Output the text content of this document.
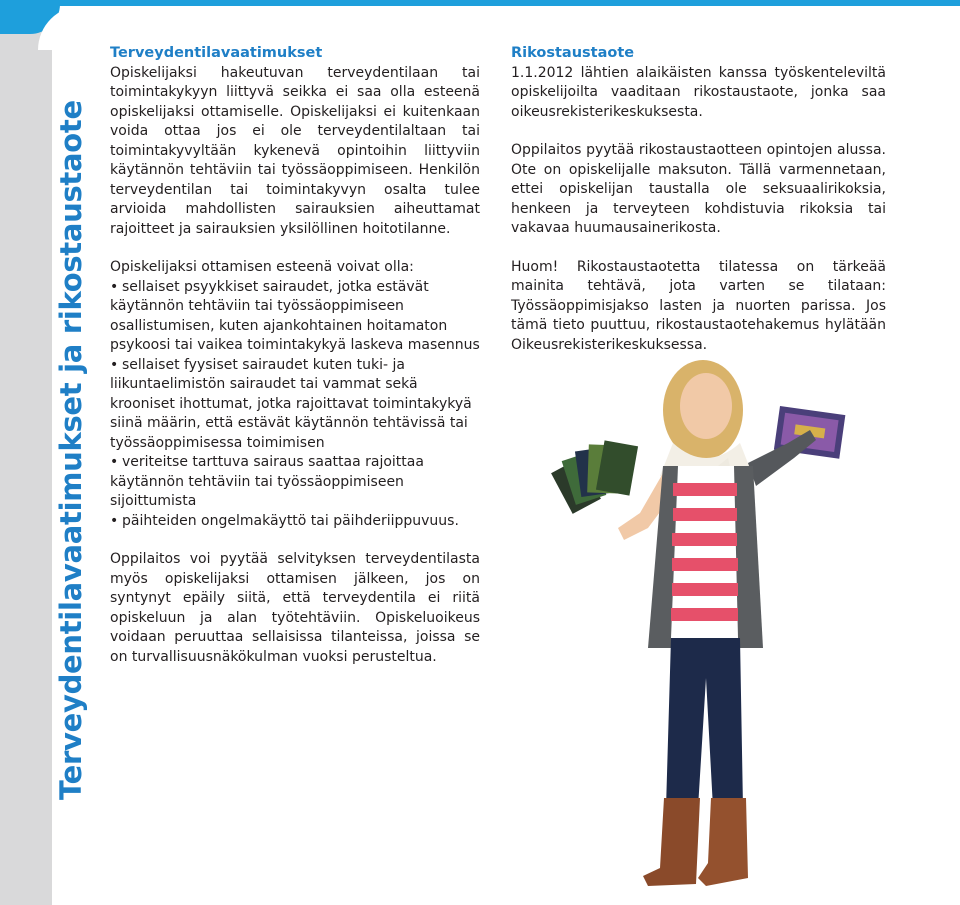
Terveydentilavaatimukset ja rikostaustaote
Terveydentilavaatimukset

Opiskelijaksi hakeutuvan terveydentilaan tai toimintakykyyn liittyvä seikka ei saa olla esteenä opiskelijaksi ottamiselle. Opiskelijaksi ei kuitenkaan voida ottaa jos ei ole terveydentilaltaan tai toimintakyvyltään kykenevä opintoihin liittyviin käytännön tehtäviin tai työssäoppimiseen. Henkilön terveydentilan tai toimintakyvyn osalta tulee arvioida mahdollisten sairauksien aiheuttamat rajoitteet ja sairauksien yksilöllinen hoitotilanne.

Opiskelijaksi ottamisen esteenä voivat olla:

• sellaiset psyykkiset sairaudet, jotka estävät käytännön tehtäviin tai työssäoppimiseen osallistumisen, kuten ajankohtainen hoitamaton psykoosi tai vaikea toimintakykyä laskeva masennus
• sellaiset fyysiset sairaudet kuten tuki- ja liikuntaelimistön sairaudet tai vammat sekä krooniset ihottumat, jotka rajoittavat toimintakykyä siinä määrin, että estävät käytännön tehtävissä tai työssäoppimisessa toimimisen
• veriteitse tarttuva sairaus saattaa rajoittaa käytännön tehtäviin tai työssäoppimiseen sijoittumista
• päihteiden ongelmakäyttö tai päihderiippuvuus.

Oppilaitos voi pyytää selvityksen terveydentilasta myös opiskelijaksi ottamisen jälkeen, jos on syntynyt epäily siitä, että terveydentila ei riitä opiskeluun ja alan työtehtäviin. Opiskeluoikeus voidaan peruuttaa sellaisissa tilanteissa, joissa se on turvallisuusnäkökulman vuoksi perusteltua.

Rikostaustaote

1.1.2012 lähtien alaikäisten kanssa työskenteleviltä opiskelijoilta vaaditaan rikostaustaote, jonka saa oikeusrekisterikeskuksesta.

Oppilaitos pyytää rikostaustaotteen opintojen alussa. Ote on opiskelijalle maksuton. Tällä varmennetaan, ettei opiskelijan taustalla ole seksuaalirikoksia, henkeen ja terveyteen kohdistuvia rikoksia tai vakavaa huumausainerikosta.

Huom! Rikostaustaotetta tilatessa on tärkeää mainita tehtävä, jota varten se tilataan: Työssäoppimisjakso lasten ja nuorten parissa. Jos tämä tieto puuttuu, rikostaustaotehakemus hylätään Oikeusrekisterikeskuksessa.
